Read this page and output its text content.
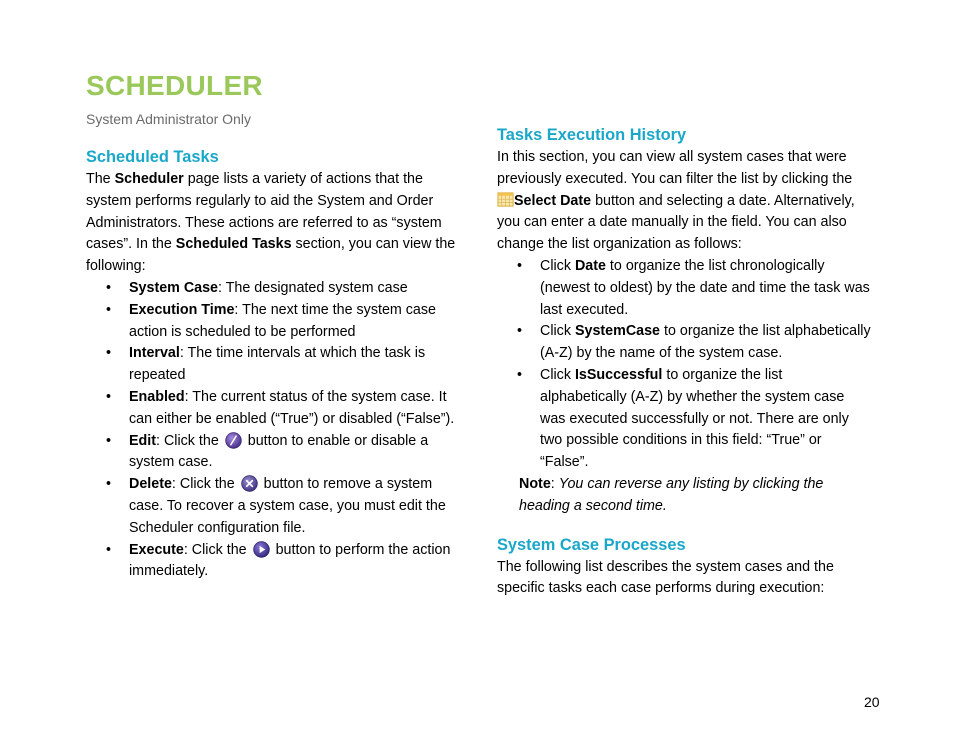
SCHEDULER
System Administrator Only
Scheduled Tasks

The Scheduler page lists a variety of actions that the system performs regularly to aid the System and Order Administrators. These actions are referred to as “system cases”. In the Scheduled Tasks section, you can view the following:

• System Case: The designated system case
• Execution Time: The next time the system case action is scheduled to be performed
• Interval: The time intervals at which the task is repeated
• Enabled: The current status of the system case. It can either be enabled (“True”) or disabled (“False”).
• Edit: Click the  button to enable or disable a system case.
• Delete: Click the  button to remove a system case. To recover a system case, you must edit the Scheduler configuration file.
• Execute: Click the  button to perform the action immediately.
Tasks Execution History

In this section, you can view all system cases that were previously executed. You can filter the list by clicking the Select Date button and selecting a date. Alternatively, you can enter a date manually in the field. You can also change the list organization as follows:

• Click Date to organize the list chronologically (newest to oldest) by the date and time the task was last executed.
• Click SystemCase to organize the list alphabetically (A-Z) by the name of the system case.
• Click IsSuccessful to organize the list alphabetically (A-Z) by whether the system case was executed successfully or not. There are only two possible conditions in this field: “True” or “False”.

Note: You can reverse any listing by clicking the heading a second time.

System Case Processes

The following list describes the system cases and the specific tasks each case performs during execution:

20
